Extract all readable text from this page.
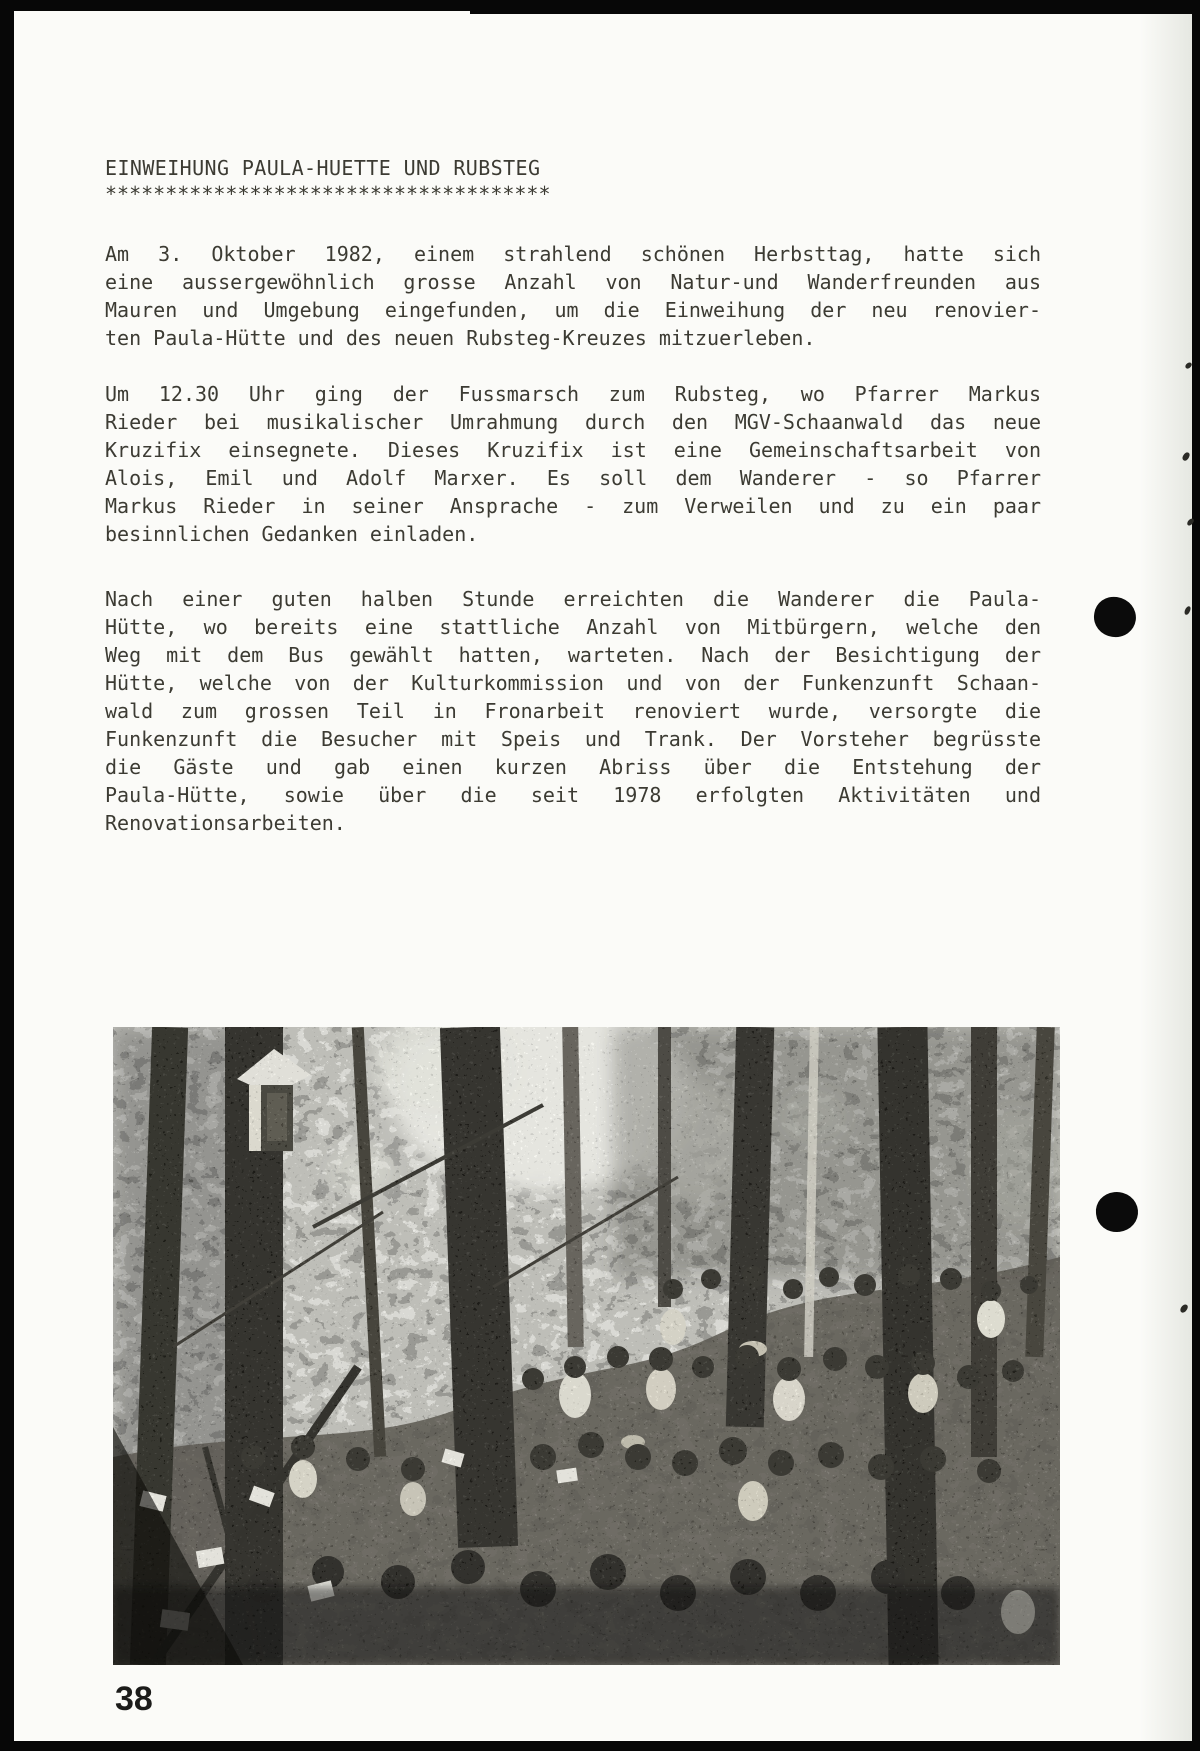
EINWEIHUNG PAULA-HUETTE UND RUBSTEG
*************************************
Am 3. Oktober 1982, einem strahlend schönen Herbsttag, hatte sich
eine aussergewöhnlich grosse Anzahl von Natur-und Wanderfreunden aus
Mauren und Umgebung eingefunden, um die Einweihung der neu renovier-
ten Paula-Hütte und des neuen Rubsteg-Kreuzes mitzuerleben.
Um 12.30 Uhr ging der Fussmarsch zum Rubsteg, wo Pfarrer Markus
Rieder bei musikalischer Umrahmung durch den MGV-Schaanwald das neue
Kruzifix einsegnete. Dieses Kruzifix ist eine Gemeinschaftsarbeit von
Alois, Emil und Adolf Marxer. Es soll dem Wanderer - so Pfarrer
Markus Rieder in seiner Ansprache - zum Verweilen und zu ein paar
besinnlichen Gedanken einladen.
Nach einer guten halben Stunde erreichten die Wanderer die Paula-
Hütte, wo bereits eine stattliche Anzahl von Mitbürgern, welche den
Weg mit dem Bus gewählt hatten, warteten. Nach der Besichtigung der
Hütte, welche von der Kulturkommission und von der Funkenzunft Schaan-
wald zum grossen Teil in Fronarbeit renoviert wurde, versorgte die
Funkenzunft die Besucher mit Speis und Trank. Der Vorsteher begrüsste
die Gäste und gab einen kurzen Abriss über die Entstehung der
Paula-Hütte, sowie über die seit 1978 erfolgten Aktivitäten und
Renovationsarbeiten.
38
